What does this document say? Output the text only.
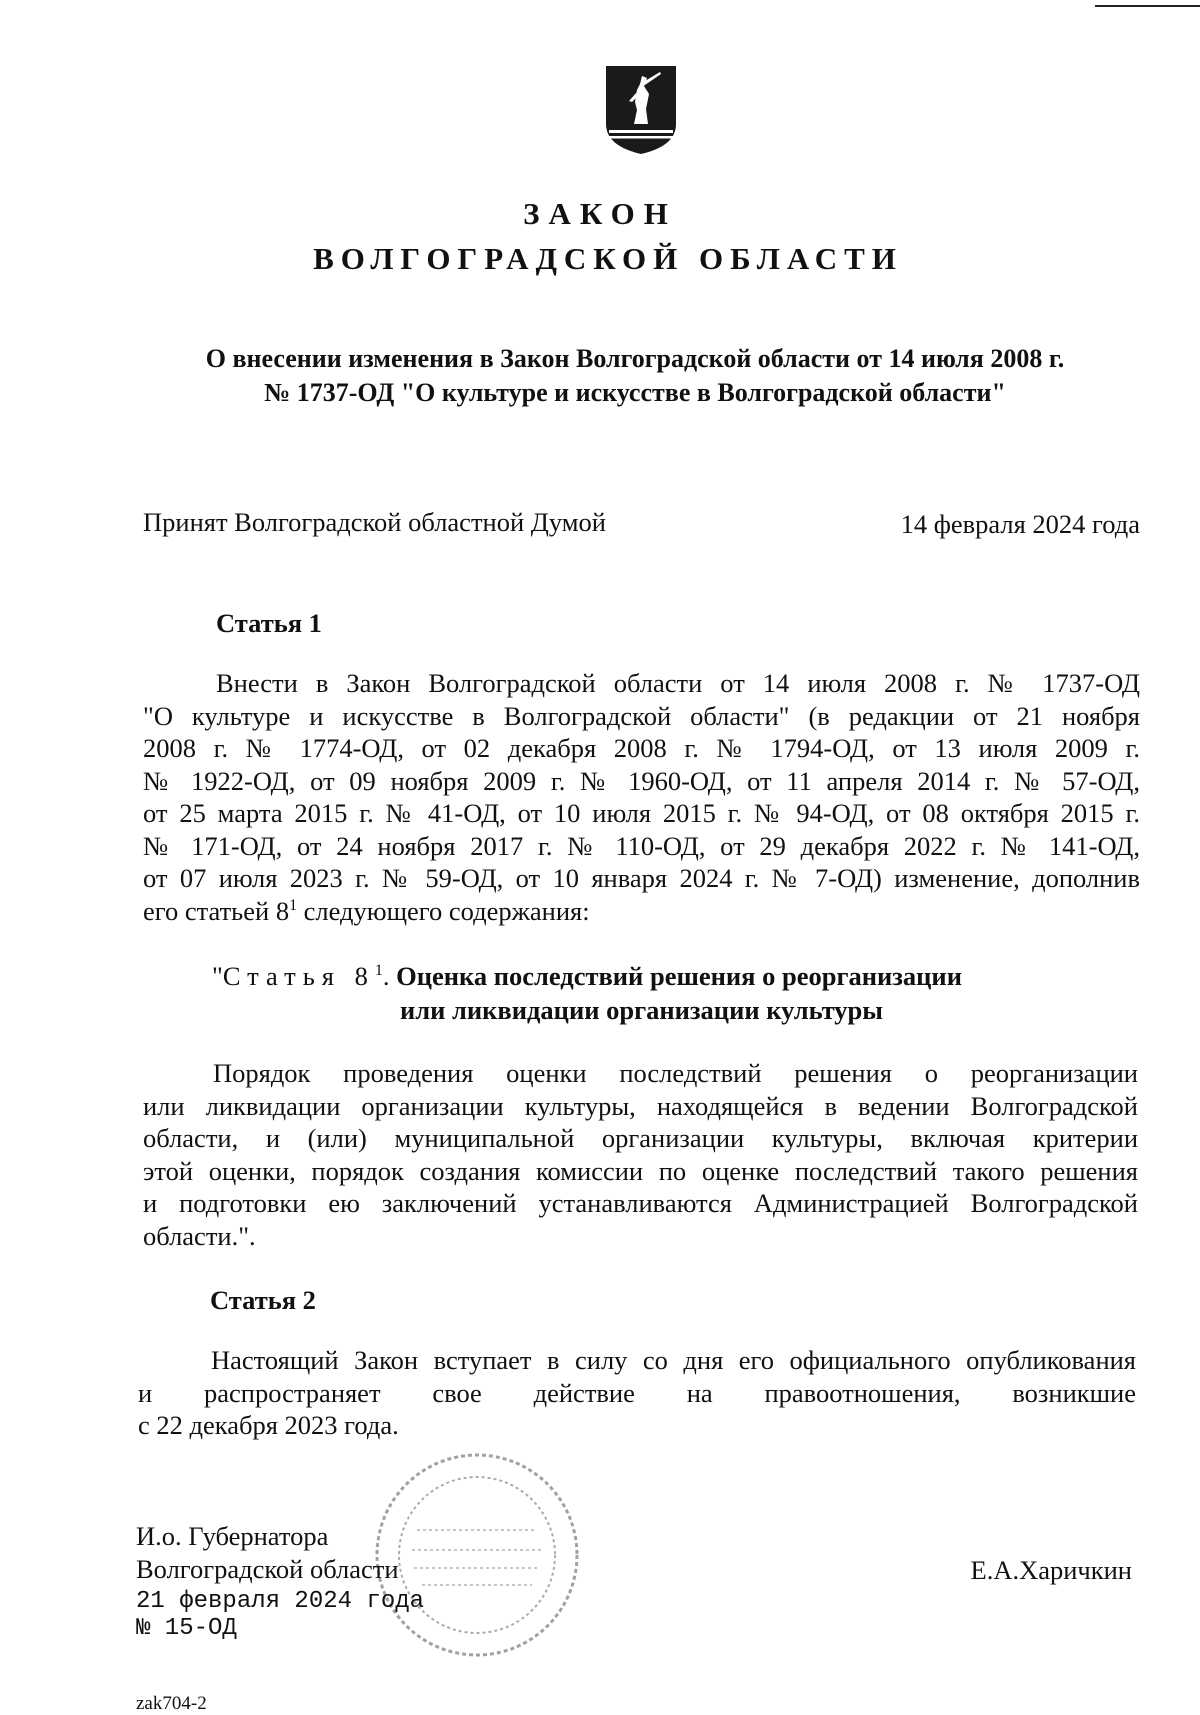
ЗАКОН
ВОЛГОГРАДСКОЙ ОБЛАСТИ
О внесении изменения в Закон Волгоградской области от 14 июля 2008 г.
№ 1737-ОД "О культуре и искусстве в Волгоградской области"
Принят Волгоградской областной Думой	14 февраля 2024 года
Статья 1
Внести в Закон Волгоградской области от 14 июля 2008 г. № 1737-ОД
"О культуре и искусстве в Волгоградской области" (в редакции от 21 ноября
2008 г. № 1774-ОД, от 02 декабря 2008 г. № 1794-ОД, от 13 июля 2009 г.
№ 1922-ОД, от 09 ноября 2009 г. № 1960-ОД, от 11 апреля 2014 г. № 57-ОД,
от 25 марта 2015 г. № 41-ОД, от 10 июля 2015 г. № 94-ОД, от 08 октября 2015 г.
№ 171-ОД, от 24 ноября 2017 г. № 110-ОД, от 29 декабря 2022 г. № 141-ОД,
от 07 июля 2023 г. № 59-ОД, от 10 января 2024 г. № 7-ОД) изменение, дополнив
его статьей $8^1$ следующего содержания:
"Статья $8^1$. Оценка последствий решения о реорганизации
или ликвидации организации культуры
Порядок проведения оценки последствий решения о реорганизации
или ликвидации организации культуры, находящейся в ведении Волгоградской
области, и (или) муниципальной организации культуры, включая критерии
этой оценки, порядок создания комиссии по оценке последствий такого решения
и подготовки ею заключений устанавливаются Администрацией Волгоградской
области.".
Статья 2
Настоящий Закон вступает в силу со дня его официального опубликования
и распространяет свое действие на правоотношения, возникшие
с 22 декабря 2023 года.
И.о. Губернатора
Волгоградской области	Е.А.Харичкин
21 февраля 2024 года
№ 15-ОД
zak704-2
